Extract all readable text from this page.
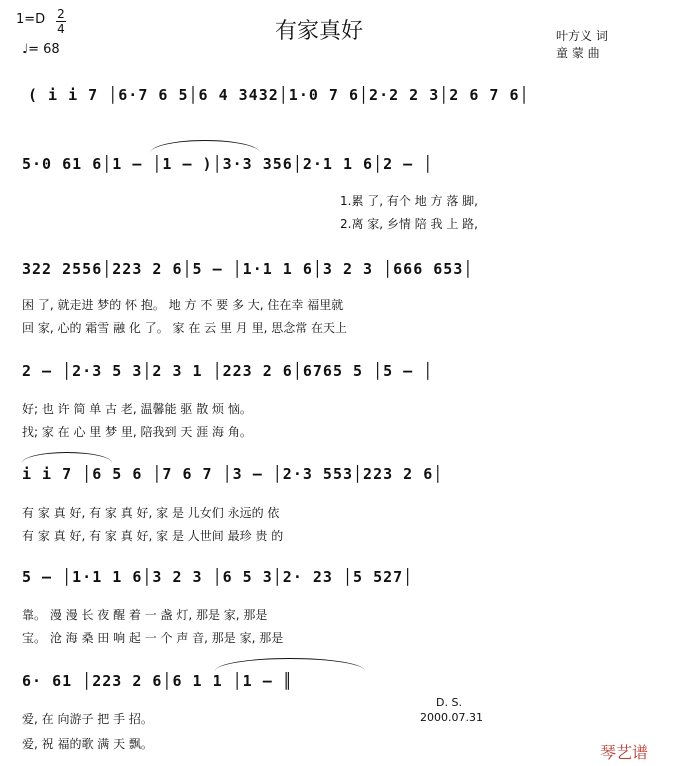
1=D 2
4
♩= 68
有家真好	叶方义 词
童 蒙 曲
( i i 7 │6·7 6 5│6 4 3432│1·0 7 6│2·2 2 3│2 6 7 6│
5·0 61 6│1 – │1 – )│3·3 356│2·1 1 6│2 – │
1.累 了, 有个 地 方 落 脚,
2.离 家, 乡情 陪 我 上 路,
322 2556│223 2 6│5 – │1·1 1 6│3 2 3 │666 653│
困 了, 就走进 梦的 怀 抱。 地 方 不 要 多 大, 住在幸 福里就
回 家, 心的 霜雪 融 化 了。 家 在 云 里 月 里, 思念常 在天上
2 – │2·3 5 3│2 3 1 │223 2 6│6765 5 │5 – │
好; 也 许 简 单 古 老, 温馨能 驱 散 烦 恼。
找; 家 在 心 里 梦 里, 陪我到 天 涯 海 角。
i i 7 │6 5 6 │7 6 7 │3 – │2·3 553│223 2 6│
有 家 真 好, 有 家 真 好, 家 是 儿女们 永远的 依
有 家 真 好, 有 家 真 好, 家 是 人世间 最珍 贵 的
5 – │1·1 1 6│3 2 3 │6 5 3│2· 23 │5 527│
靠。 漫 漫 长 夜 醒 着 一 盏 灯, 那是 家, 那是
宝。 沧 海 桑 田 响 起 一 个 声 音, 那是 家, 那是
6· 61 │223 2 6│6 1 1 │1 – ║
爱, 在 向游子 把 手 招。
爱, 祝 福的歌 满 天 飘。
D. S.
2000.07.31
琴艺谱
